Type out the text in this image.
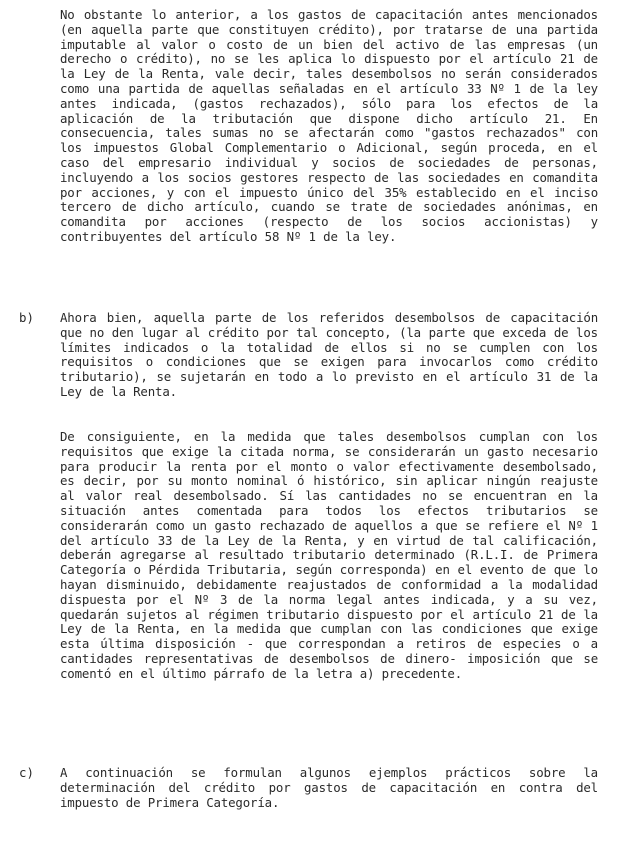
No obstante lo anterior, a los gastos de capacitación antes mencionados (en aquella parte que constituyen crédito), por tratarse de una partida imputable al valor o costo de un bien del activo de las empresas (un derecho o crédito), no se les aplica lo dispuesto por el artículo 21 de la Ley de la Renta, vale decir, tales desembolsos no serán considerados como una partida de aquellas señaladas en el artículo 33 Nº 1 de la ley antes indicada, (gastos rechazados), sólo para los efectos de la aplicación de la tributación que dispone dicho artículo 21. En consecuencia, tales sumas no se afectarán como "gastos rechazados" con los impuestos Global Complementario o Adicional, según proceda, en el caso del empresario individual y socios de sociedades de personas, incluyendo a los socios gestores respecto de las sociedades en comandita por acciones, y con el impuesto único del 35% establecido en el inciso tercero de dicho artículo, cuando se trate de sociedades anónimas, en comandita por acciones (respecto de los socios accionistas) y contribuyentes del artículo 58 Nº 1 de la ley.

b) Ahora bien, aquella parte de los referidos desembolsos de capacitación que no den lugar al crédito por tal concepto, (la parte que exceda de los límites indicados o la totalidad de ellos si no se cumplen con los requisitos o condiciones que se exigen para invocarlos como crédito tributario), se sujetarán en todo a lo previsto en el artículo 31 de la Ley de la Renta.

De consiguiente, en la medida que tales desembolsos cumplan con los requisitos que exige la citada norma, se considerarán un gasto necesario para producir la renta por el monto o valor efectivamente desembolsado, es decir, por su monto nominal ó histórico, sin aplicar ningún reajuste al valor real desembolsado. Sí las cantidades no se encuentran en la situación antes comentada para todos los efectos tributarios se considerarán como un gasto rechazado de aquellos a que se refiere el Nº 1 del artículo 33 de la Ley de la Renta, y en virtud de tal calificación, deberán agregarse al resultado tributario determinado (R.L.I. de Primera Categoría o Pérdida Tributaria, según corresponda) en el evento de que lo hayan disminuido, debidamente reajustados de conformidad a la modalidad dispuesta por el Nº 3 de la norma legal antes indicada, y a su vez, quedarán sujetos al régimen tributario dispuesto por el artículo 21 de la Ley de la Renta, en la medida que cumplan con las condiciones que exige esta última disposición - que correspondan a retiros de especies o a cantidades representativas de desembolsos de dinero- imposición que se comentó en el último párrafo de la letra a) precedente.

c) A continuación se formulan algunos ejemplos prácticos sobre la determinación del crédito por gastos de capacitación en contra del impuesto de Primera Categoría.
